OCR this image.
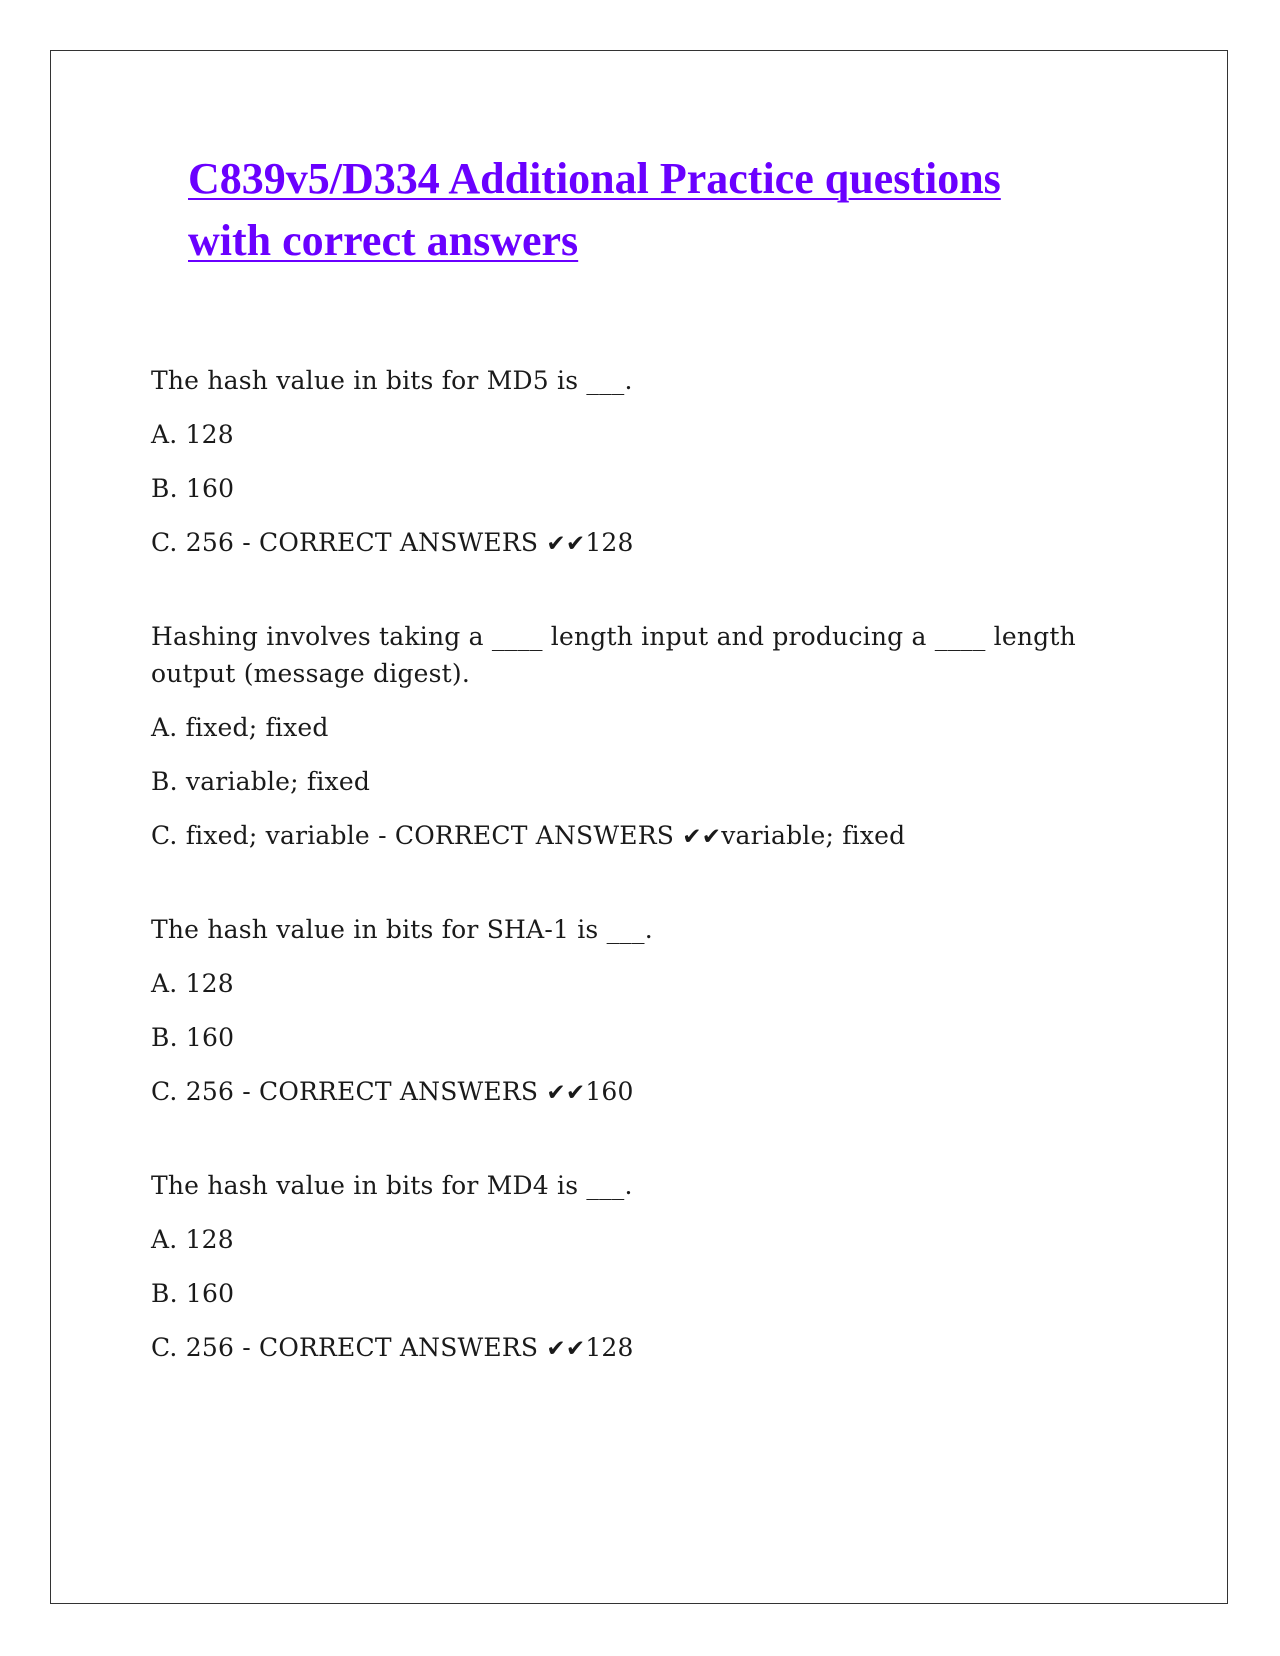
C839v5/D334 Additional Practice questions with correct answers

The hash value in bits for MD5 is ___.

A. 128

B. 160

C. 256 - CORRECT ANSWERS ✔✔128

Hashing involves taking a ____ length input and producing a ____ length output (message digest).

A. fixed; fixed

B. variable; fixed

C. fixed; variable - CORRECT ANSWERS ✔✔variable; fixed

The hash value in bits for SHA-1 is ___.

A. 128

B. 160

C. 256 - CORRECT ANSWERS ✔✔160

The hash value in bits for MD4 is ___.

A. 128

B. 160

C. 256 - CORRECT ANSWERS ✔✔128
